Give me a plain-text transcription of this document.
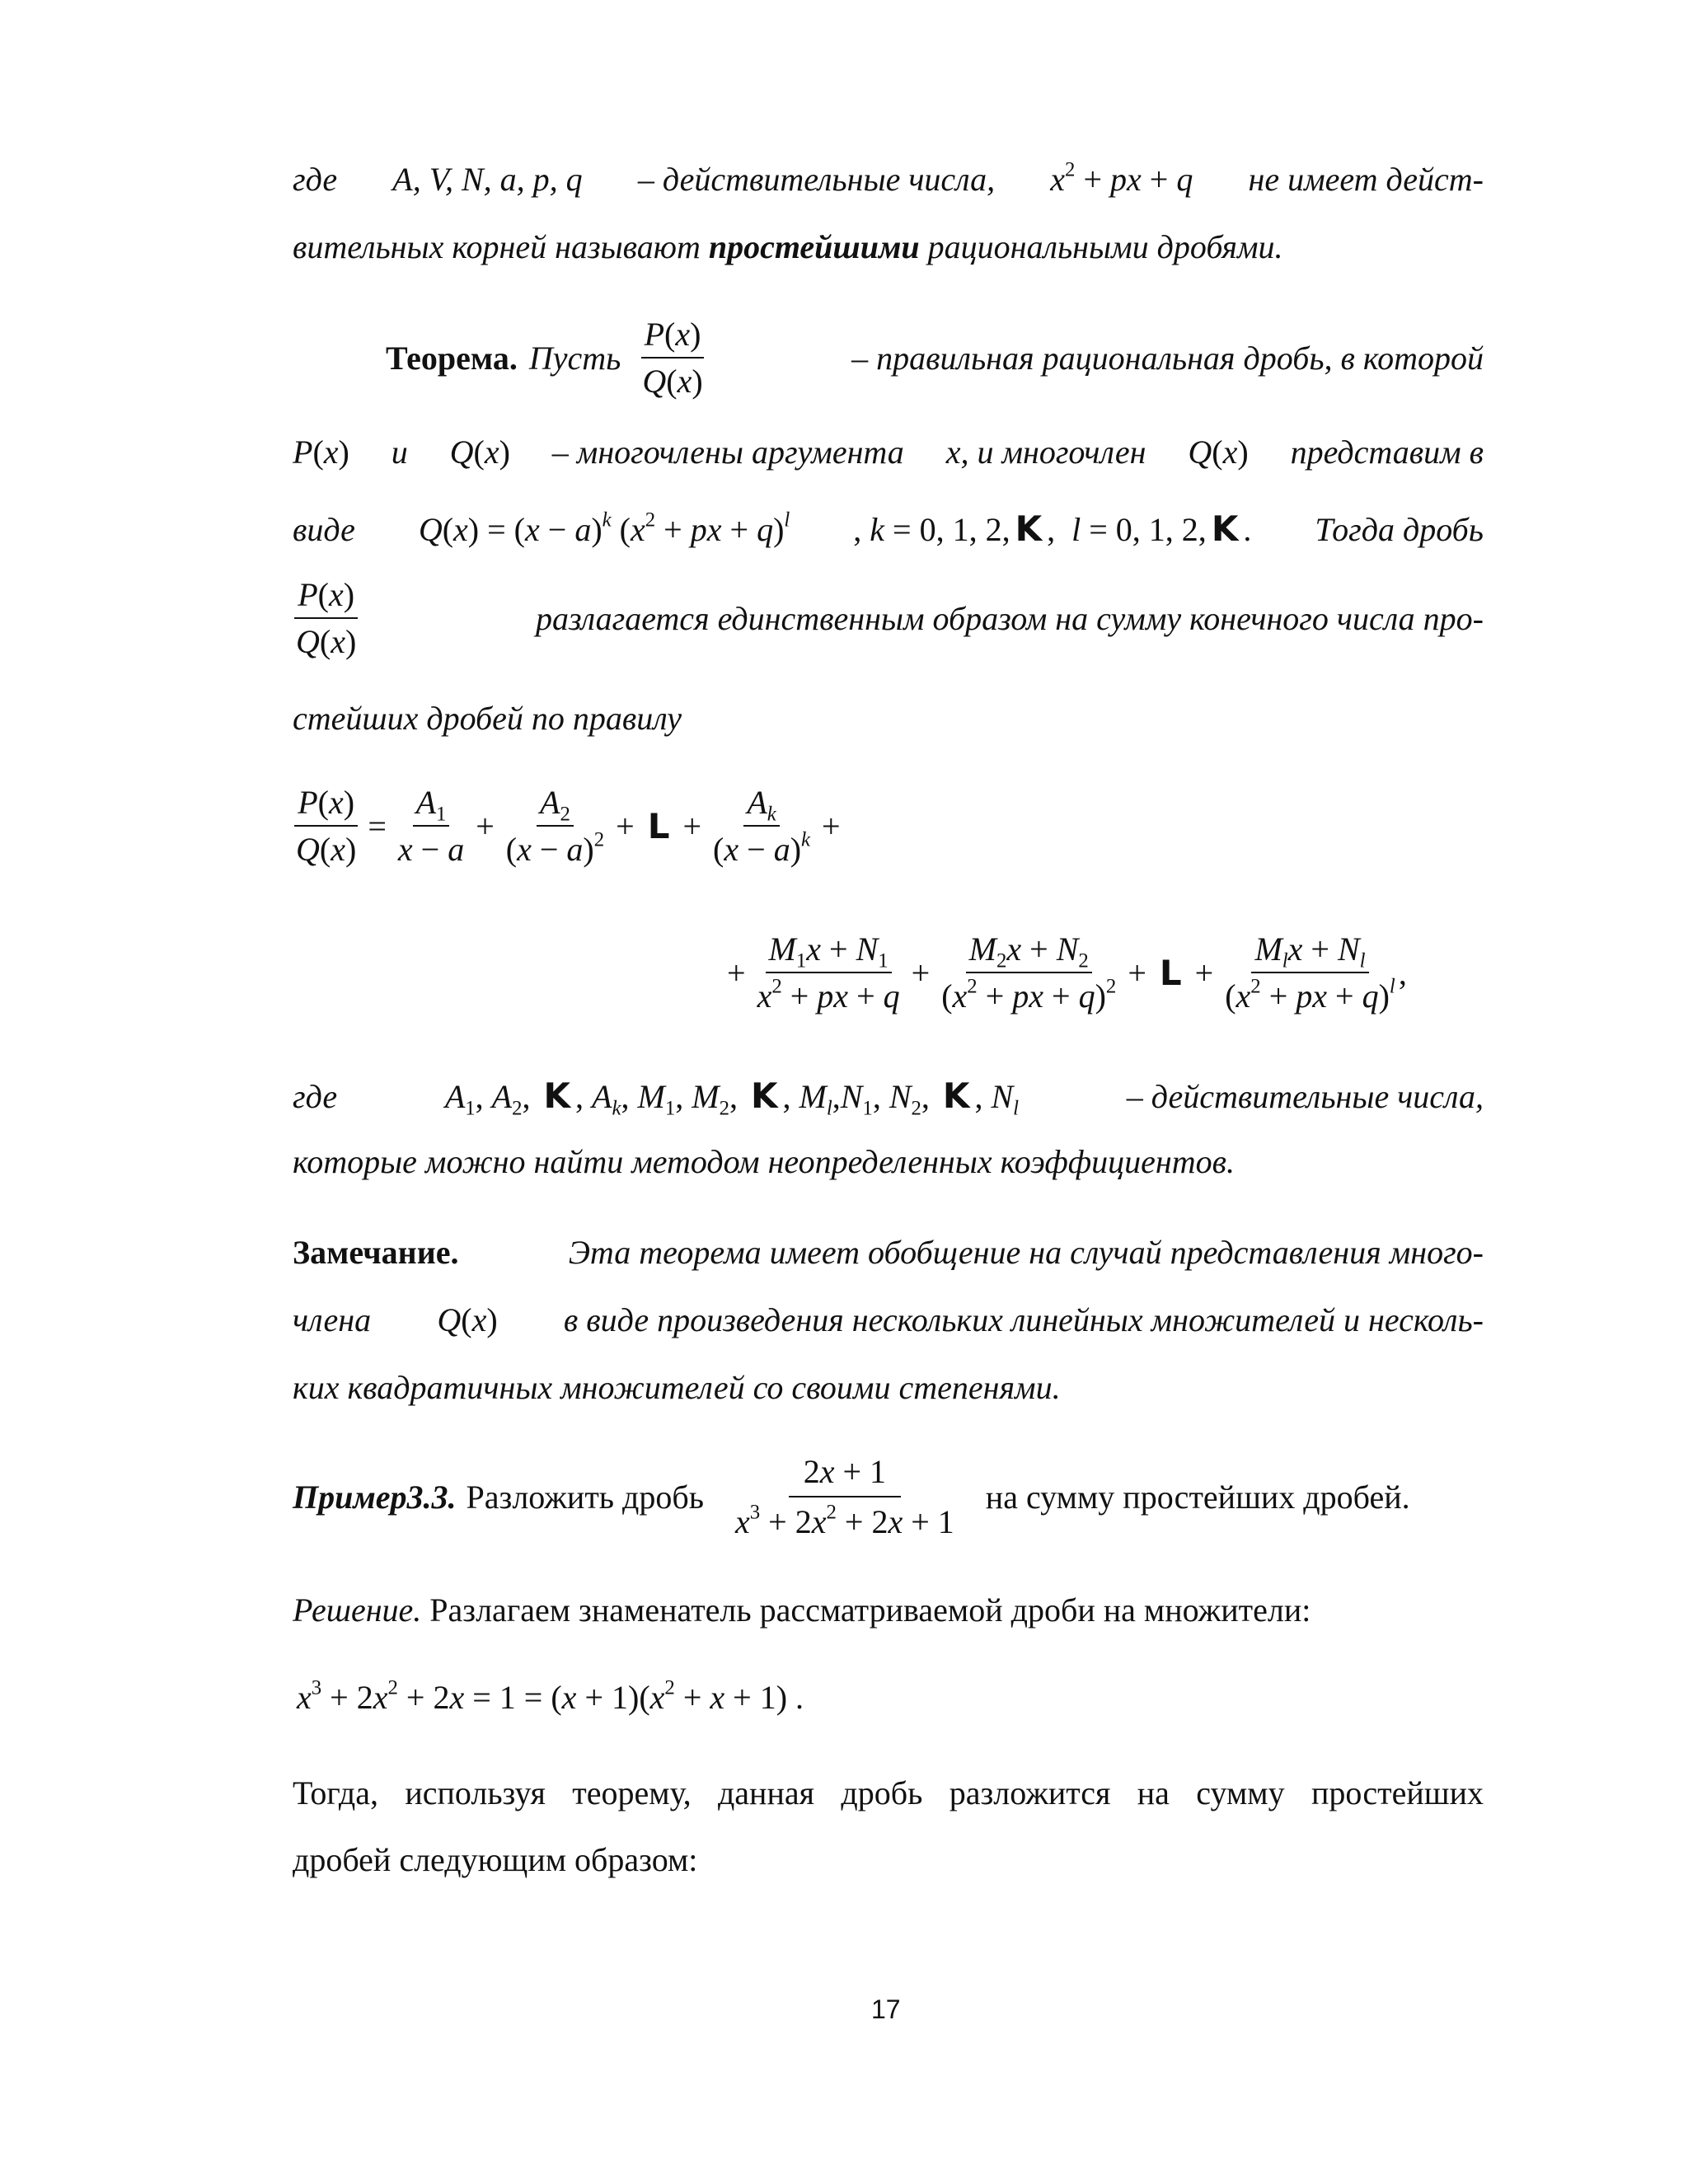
где A, V, N, a, p, q – действительные числа, $x^2$ + px + q не имеет дейст-
вительных корней называют простейшими рациональными дробями.
Теорема. Пусть $\frac{P(x)}{Q(x)}$	– правильная рациональная дробь, в которой
P(x) и Q(x) – многочлены аргумента x, и многочлен Q(x) представим в
виде $Q(x) = (x - a)^k$ ($x^2$ + px + q)$^l$ , k = 0, 1, 2, K ,  l = 0, 1, 2, K . Тогда дробь
$\frac{P(x)}{Q(x)}$	разлагается единственным образом на сумму конечного числа про-
стейших дробей по правилу
$\frac{P(x)}{Q(x)} = \frac{A_1}{x - a} + \frac{A_2}{(x - a)^2} + L + \frac{A_k}{(x - a)^k}$ +
+ $\frac{M_1x + N_1}{x^2 + px + q} + \frac{M_2x + N_2}{(x^2 + px + q)^2} + L + \frac{M_lx + N_l}{(x^2 + px + q)^l}$ ,
где	$A_1$, $A_2$, K , $A_k$, $M_1$, $M_2$, K , $M_l,N_1$, $N_2$, K , $N_l$	– действительные числа,
которые можно найти методом неопределенных коэффициентов.
Замечание.	Эта теорема имеет обобщение на случай представления много-
члена Q(x) в виде произведения нескольких линейных множителей и несколь-
ких квадратичных множителей со своими степенями.
Пример3.3. Разложить дробь $\frac{2x + 1}{x^3 + 2x^2 + 2x + 1}$ на сумму простейших дробей.
Решение. Разлагаем знаменатель рассматриваемой дроби на множители:
$x^3 + 2x^2 + 2x = 1 = (x + 1)(x^2 + x + 1)$ .
Тогда, используя теорему, данная дробь разложится на сумму простейших
дробей следующим образом:
17
